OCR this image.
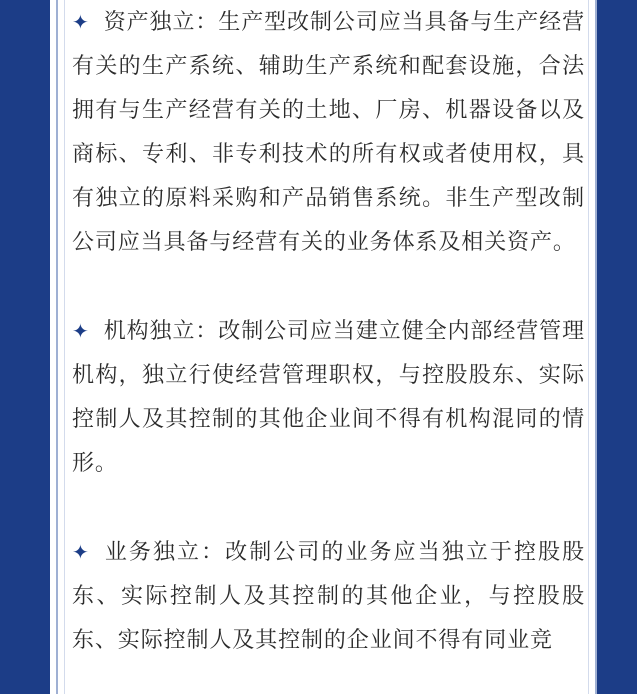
✦ 资产独立：生产型改制公司应当具备与生产经营有关的生产系统、辅助生产系统和配套设施，合法拥有与生产经营有关的土地、厂房、机器设备以及商标、专利、非专利技术的所有权或者使用权，具有独立的原料采购和产品销售系统。非生产型改制公司应当具备与经营有关的业务体系及相关资产。

✦ 机构独立：改制公司应当建立健全内部经营管理机构，独立行使经营管理职权，与控股股东、实际控制人及其控制的其他企业间不得有机构混同的情形。

✦ 业务独立：改制公司的业务应当独立于控股股东、实际控制人及其控制的其他企业，与控股股东、实际控制人及其控制的企业间不得有同业竞
